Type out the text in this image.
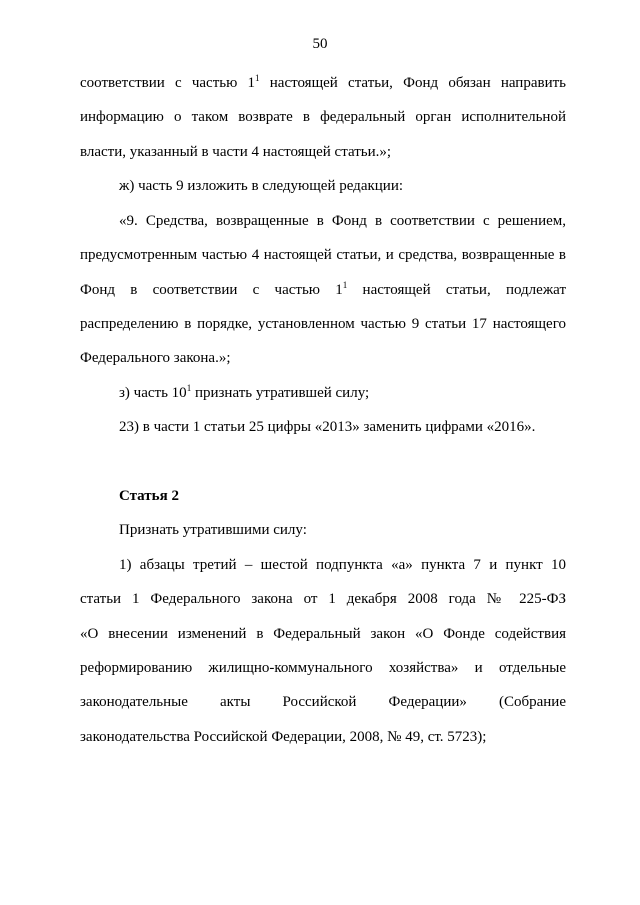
50
соответствии с частью $1^1$ настоящей статьи, Фонд обязан направить
информацию о таком возврате в федеральный орган исполнительной
власти, указанный в части 4 настоящей статьи.»;
ж) часть 9 изложить в следующей редакции:
«9. Средства, возвращенные в Фонд в соответствии с решением,
предусмотренным частью 4 настоящей статьи, и средства, возвращенные в
Фонд в соответствии с частью $1^1$ настоящей статьи, подлежат
распределению в порядке, установленном частью 9 статьи 17 настоящего
Федерального закона.»;
з) часть $10^1$ признать утратившей силу;
23) в части 1 статьи 25 цифры «2013» заменить цифрами «2016».
Статья 2
Признать утратившими силу:
1) абзацы третий – шестой подпункта «а» пункта 7 и пункт 10
статьи 1 Федерального закона от 1 декабря 2008 года № 225-ФЗ
«О внесении изменений в Федеральный закон «О Фонде содействия
реформированию жилищно-коммунального хозяйства» и отдельные
законодательные акты Российской Федерации» (Собрание
законодательства Российской Федерации, 2008, № 49, ст. 5723);
